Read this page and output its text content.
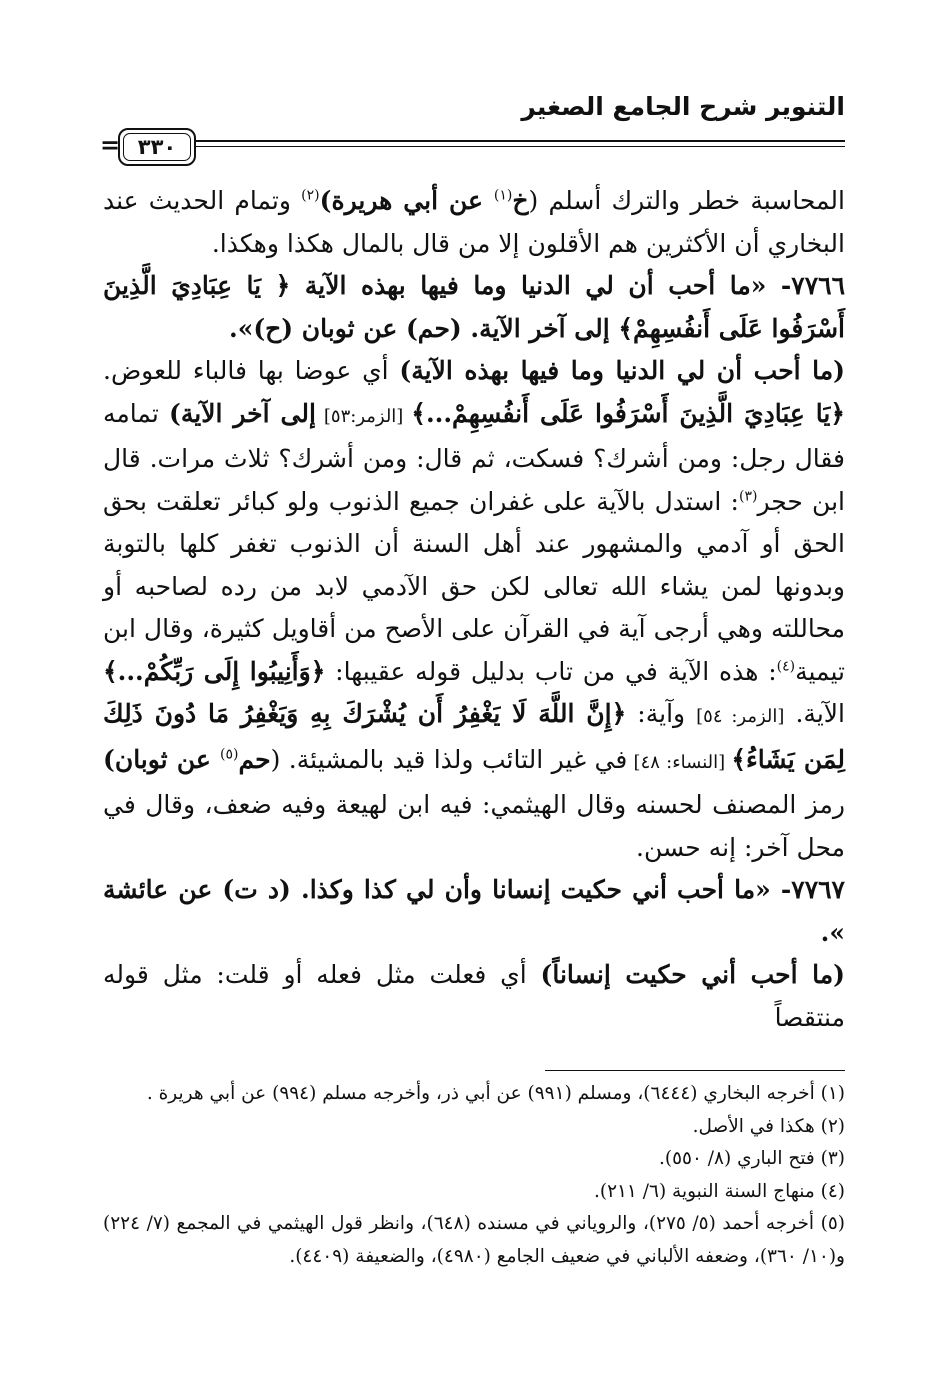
التنوير شرح الجامع الصغير
٣٣٠
=

المحاسبة خطر والترك أسلم (خ$^{(١)}$ عن أبي هريرة)$^{(٢)}$ وتمام الحديث عند البخاري أن الأكثرين هم الأقلون إلا من قال بالمال هكذا وهكذا.

٧٧٦٦- «ما أحب أن لي الدنيا وما فيها بهذه الآية ﴿ يَا عِبَادِيَ الَّذِينَ أَسْرَفُوا عَلَى أَنفُسِهِمْ﴾ إلى آخر الآية. (حم) عن ثوبان (ح)».

(ما أحب أن لي الدنيا وما فيها بهذه الآية) أي عوضا بها فالباء للعوض. ﴿يَا عِبَادِيَ الَّذِينَ أَسْرَفُوا عَلَى أَنفُسِهِمْ...﴾ [الزمر:٥٣] إلى آخر الآية) تمامه فقال رجل: ومن أشرك؟ فسكت، ثم قال: ومن أشرك؟ ثلاث مرات. قال ابن حجر$^{(٣)}$: استدل بالآية على غفران جميع الذنوب ولو كبائر تعلقت بحق الحق أو آدمي والمشهور عند أهل السنة أن الذنوب تغفر كلها بالتوبة وبدونها لمن يشاء الله تعالى لكن حق الآدمي لابد من رده لصاحبه أو محاللته وهي أرجى آية في القرآن على الأصح من أقاويل كثيرة، وقال ابن تيمية$^{(٤)}$: هذه الآية في من تاب بدليل قوله عقيبها: ﴿وَأَنِيبُوا إِلَى رَبِّكُمْ...﴾ الآية. [الزمر: ٥٤] وآية: ﴿إِنَّ اللَّهَ لَا يَغْفِرُ أَن يُشْرَكَ بِهِ وَيَغْفِرُ مَا دُونَ ذَلِكَ لِمَن يَشَاءُ﴾ [النساء: ٤٨] في غير التائب ولذا قيد بالمشيئة. (حم$^{(٥)}$ عن ثوبان) رمز المصنف لحسنه وقال الهيثمي: فيه ابن لهيعة وفيه ضعف، وقال في محل آخر: إنه حسن.

٧٧٦٧- «ما أحب أني حكيت إنسانا وأن لي كذا وكذا. (د ت) عن عائشة ».

(ما أحب أني حكيت إنساناً) أي فعلت مثل فعله أو قلت: مثل قوله منتقصاً

(١) أخرجه البخاري (٦٤٤٤)، ومسلم (٩٩١) عن أبي ذر، وأخرجه مسلم (٩٩٤) عن أبي هريرة .

(٢) هكذا في الأصل.

(٣) فتح الباري (٨/ ٥٥٠).

(٤) منهاج السنة النبوية (٦/ ٢١١).

(٥) أخرجه أحمد (٥/ ٢٧٥)، والروياني في مسنده (٦٤٨)، وانظر قول الهيثمي في المجمع (٧/ ٢٢٤) و(١٠/ ٣٦٠)، وضعفه الألباني في ضعيف الجامع (٤٩٨٠)، والضعيفة (٤٤٠٩).
